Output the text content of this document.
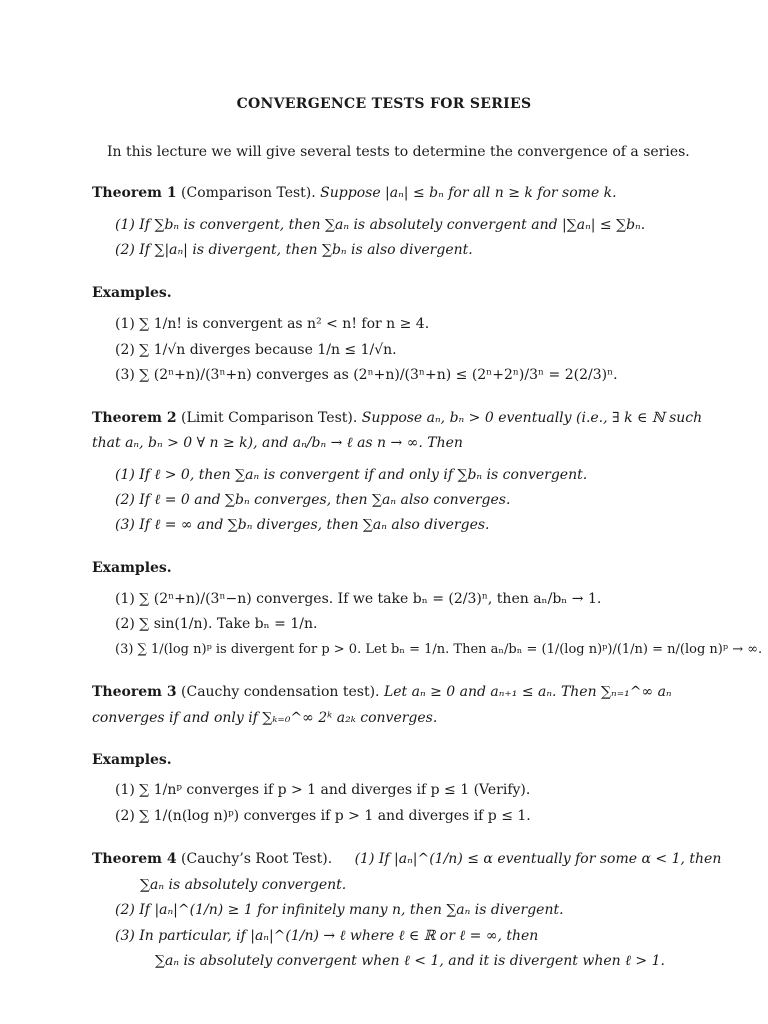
CONVERGENCE TESTS FOR SERIES
In this lecture we will give several tests to determine the convergence of a series.
Theorem 1 (Comparison Test). Suppose |aₙ| ≤ bₙ for all n ≥ k for some k.
(1) If ∑bₙ is convergent, then ∑aₙ is absolutely convergent and |∑aₙ| ≤ ∑bₙ.
(2) If ∑|aₙ| is divergent, then ∑bₙ is also divergent.
Examples.
(1) ∑ 1/n! is convergent as n² < n! for n ≥ 4.
(2) ∑ 1/√n diverges because 1/n ≤ 1/√n.
(3) ∑ (2ⁿ+n)/(3ⁿ+n) converges as (2ⁿ+n)/(3ⁿ+n) ≤ (2ⁿ+2ⁿ)/3ⁿ = 2(2/3)ⁿ.
Theorem 2 (Limit Comparison Test). Suppose aₙ, bₙ > 0 eventually (i.e., ∃ k ∈ ℕ such
that aₙ, bₙ > 0 ∀ n ≥ k), and aₙ/bₙ → ℓ as n → ∞. Then
(1) If ℓ > 0, then ∑aₙ is convergent if and only if ∑bₙ is convergent.
(2) If ℓ = 0 and ∑bₙ converges, then ∑aₙ also converges.
(3) If ℓ = ∞ and ∑bₙ diverges, then ∑aₙ also diverges.
Examples.
(1) ∑ (2ⁿ+n)/(3ⁿ−n) converges. If we take bₙ = (2/3)ⁿ, then aₙ/bₙ → 1.
(2) ∑ sin(1/n). Take bₙ = 1/n.
(3) ∑ 1/(log n)ᵖ is divergent for p > 0. Let bₙ = 1/n. Then aₙ/bₙ = (1/(log n)ᵖ)/(1/n) = n/(log n)ᵖ → ∞.
Theorem 3 (Cauchy condensation test). Let aₙ ≥ 0 and aₙ₊₁ ≤ aₙ. Then ∑ₙ₌₁^∞ aₙ
converges if and only if ∑ₖ₌₀^∞ 2ᵏ a₂ₖ converges.
Examples.
(1) ∑ 1/nᵖ converges if p > 1 and diverges if p ≤ 1 (Verify).
(2) ∑ 1/(n(log n)ᵖ) converges if p > 1 and diverges if p ≤ 1.
Theorem 4 (Cauchy’s Root Test). (1) If |aₙ|^(1/n) ≤ α eventually for some α < 1, then
∑aₙ is absolutely convergent.
(2) If |aₙ|^(1/n) ≥ 1 for infinitely many n, then ∑aₙ is divergent.
(3) In particular, if |aₙ|^(1/n) → ℓ where ℓ ∈ ℝ or ℓ = ∞, then
∑aₙ is absolutely convergent when ℓ < 1, and it is divergent when ℓ > 1.
